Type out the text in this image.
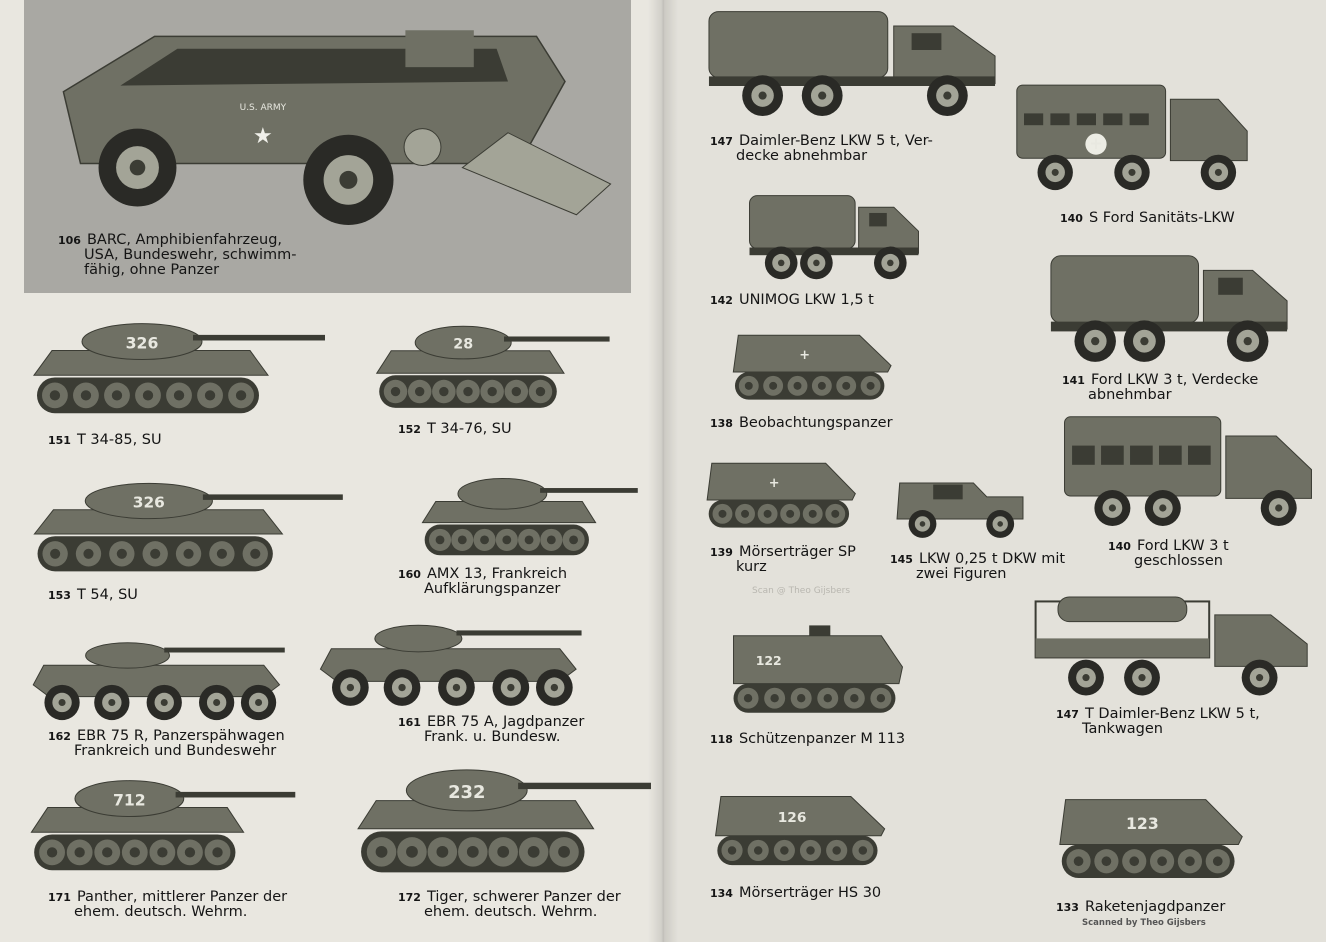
U.S. ARMY
★
106 BARC, Amphibienfahrzeug,
USA, Bundeswehr, schwimm-
fähig, ohne Panzer
326
151 T 34-85, SU
28
152 T 34-76, SU
326
153 T 54, SU
160 AMX 13, Frankreich
Aufklärungspanzer
162 EBR 75 R, Panzerspähwagen
Frankreich und Bundeswehr
161 EBR 75 A, Jagdpanzer
Frank. u. Bundesw.
712
171 Panther, mittlerer Panzer der
ehem. deutsch. Wehrm.
232
172 Tiger, schwerer Panzer der
ehem. deutsch. Wehrm.
147 Daimler-Benz LKW 5 t, Ver-
decke abnehmbar
+
140 S Ford Sanitäts-LKW
142 UNIMOG LKW 1,5 t
141 Ford LKW 3 t, Verdecke
abnehmbar
+
138 Beobachtungspanzer
+
139 Mörserträger SP
kurz	145 LKW 0,25 t DKW mit
zwei Figuren
140 Ford LKW 3 t
geschlossen
122
118 Schützenpanzer M 113
147 T Daimler-Benz LKW 5 t,
Tankwagen
126
134 Mörserträger HS 30
123
133 Raketenjagdpanzer
Scan @ Theo Gijsbers
Scanned by Theo Gijsbers
